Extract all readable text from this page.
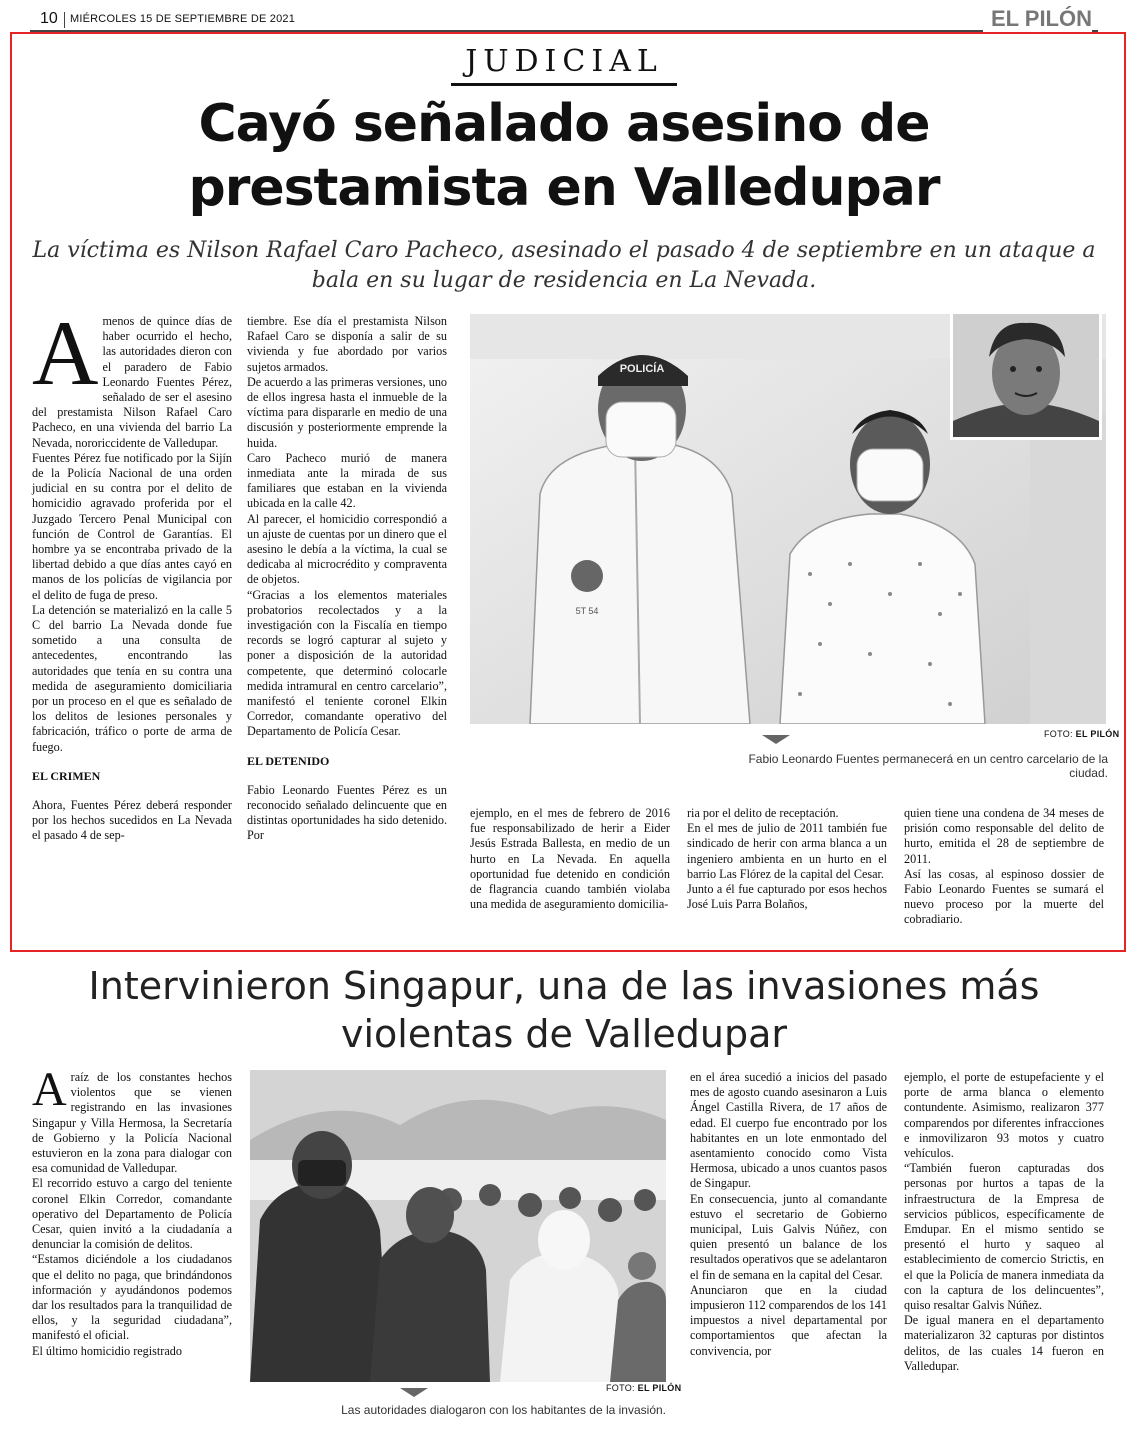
10 MIÉRCOLES 15 DE SEPTIEMBRE DE 2021	EL PILÓN
JUDICIAL
Cayó señalado asesino de prestamista en Valledupar

La víctima es Nilson Rafael Caro Pacheco, asesinado el pasado 4 de septiembre en un ataque a bala en su lugar de residencia en La Nevada.

A menos de quince días de haber ocurrido el hecho, las autoridades dieron con el paradero de Fabio Leonardo Fuentes Pérez, señalado de ser el asesino del prestamista Nilson Rafael Caro Pacheco, en una vivienda del barrio La Nevada, nororiccidente de Valledupar.

Fuentes Pérez fue notificado por la Sijín de la Policía Nacional de una orden judicial en su contra por el delito de homicidio agravado proferida por el Juzgado Tercero Penal Municipal con función de Control de Garantías. El hombre ya se encontraba privado de la libertad debido a que días antes cayó en manos de los policías de vigilancia por el delito de fuga de preso.

La detención se materializó en la calle 5 C del barrio La Nevada donde fue sometido a una consulta de antecedentes, encontrando las autoridades que tenía en su contra una medida de aseguramiento domiciliaria por un proceso en el que es señalado de los delitos de lesiones personales y fabricación, tráfico o porte de arma de fuego.

EL CRIMEN

Ahora, Fuentes Pérez deberá responder por los hechos sucedidos en La Nevada el pasado 4 de sep-

tiembre. Ese día el prestamista Nilson Rafael Caro se disponía a salir de su vivienda y fue abordado por varios sujetos armados.

De acuerdo a las primeras versiones, uno de ellos ingresa hasta el inmueble de la víctima para dispararle en medio de una discusión y posteriormente emprende la huida.

Caro Pacheco murió de manera inmediata ante la mirada de sus familiares que estaban en la vivienda ubicada en la calle 42.

Al parecer, el homicidio correspondió a un ajuste de cuentas por un dinero que el asesino le debía a la víctima, la cual se dedicaba al microcrédito y compraventa de objetos.

“Gracias a los elementos materiales probatorios recolectados y a la investigación con la Fiscalía en tiempo records se logró capturar al sujeto y poner a disposición de la autoridad competente, que determinó colocarle medida intramural en centro carcelario”, manifestó el teniente coronel Elkin Corredor, comandante operativo del Departamento de Policía Cesar.

EL DETENIDO

Fabio Leonardo Fuentes Pérez es un reconocido señalado delincuente que en distintas oportunidades ha sido detenido. Por

5T 54
POLICÍA
FOTO: EL PILÓN
Fabio Leonardo Fuentes permanecerá en un centro carcelario de la ciudad.

ejemplo, en el mes de febrero de 2016 fue responsabilizado de herir a Eider Jesús Estrada Ballesta, en medio de un hurto en La Nevada. En aquella oportunidad fue detenido en condición de flagrancia cuando también violaba una medida de aseguramiento domicilia-

ria por el delito de receptación.

En el mes de julio de 2011 también fue sindicado de herir con arma blanca a un ingeniero ambienta en un hurto en el barrio Las Flórez de la capital del Cesar.

Junto a él fue capturado por esos hechos José Luis Parra Bolaños,

quien tiene una condena de 34 meses de prisión como responsable del delito de hurto, emitida el 28 de septiembre de 2011.

Así las cosas, al espinoso dossier de Fabio Leonardo Fuentes se sumará el nuevo proceso por la muerte del cobradiario.

Intervinieron Singapur, una de las invasiones más violentas de Valledupar
A raíz de los constantes hechos violentos que se vienen registrando en las invasiones Singapur y Villa Hermosa, la Secretaría de Gobierno y la Policía Nacional estuvieron en la zona para dialogar con esa comunidad de Valledupar.

El recorrido estuvo a cargo del teniente coronel Elkin Corredor, comandante operativo del Departamento de Policía Cesar, quien invitó a la ciudadanía a denunciar la comisión de delitos.

“Estamos diciéndole a los ciudadanos que el delito no paga, que brindándonos información y ayudándonos podemos dar los resultados para la tranquilidad de ellos, y la seguridad ciudadana”, manifestó el oficial.

El último homicidio registrado

FOTO: EL PILÓN
Las autoridades dialogaron con los habitantes de la invasión.

en el área sucedió a inicios del pasado mes de agosto cuando asesinaron a Luis Ángel Castilla Rivera, de 17 años de edad. El cuerpo fue encontrado por los habitantes en un lote enmontado del asentamiento conocido como Vista Hermosa, ubicado a unos cuantos pasos de Singapur.

En consecuencia, junto al comandante estuvo el secretario de Gobierno municipal, Luis Galvis Núñez, con quien presentó un balance de los resultados operativos que se adelantaron el fin de semana en la capital del Cesar.

Anunciaron que en la ciudad impusieron 112 comparendos de los 141 impuestos a nivel departamental por comportamientos que afectan la convivencia, por

ejemplo, el porte de estupefaciente y el porte de arma blanca o elemento contundente. Asimismo, realizaron 377 comparendos por diferentes infracciones e inmovilizaron 93 motos y cuatro vehículos.

“También fueron capturadas dos personas por hurtos a tapas de la infraestructura de la Empresa de servicios públicos, específicamente de Emdupar. En el mismo sentido se presentó el hurto y saqueo al establecimiento de comercio Strictis, en el que la Policía de manera inmediata da con la captura de los delincuentes”, quiso resaltar Galvis Núñez.

De igual manera en el departamento materializaron 32 capturas por distintos delitos, de las cuales 14 fueron en Valledupar.
